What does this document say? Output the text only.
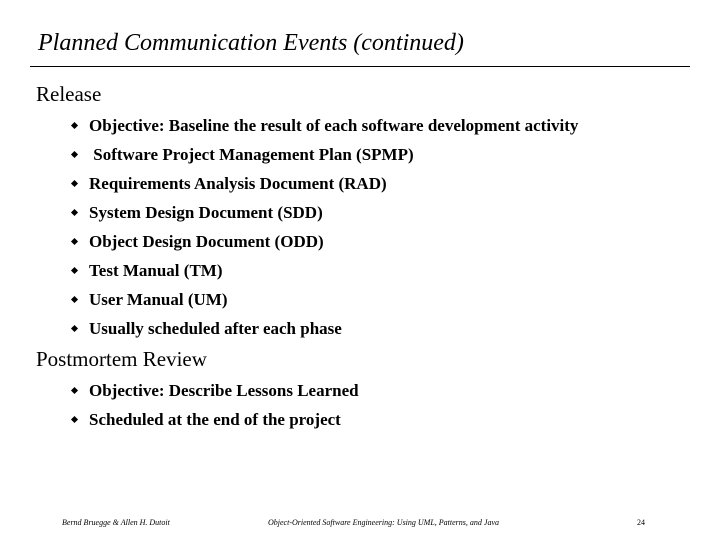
Planned Communication Events (continued)
Release
Objective: Baseline the result of each software development activity
Software Project Management Plan (SPMP)
Requirements Analysis Document (RAD)
System Design Document (SDD)
Object Design Document (ODD)
Test Manual (TM)
User Manual (UM)
Usually scheduled after each phase
Postmortem Review
Objective: Describe Lessons Learned
Scheduled at the end of the project
Bernd Bruegge & Allen H. Dutoit	Object-Oriented Software Engineering: Using UML, Patterns, and Java	24
